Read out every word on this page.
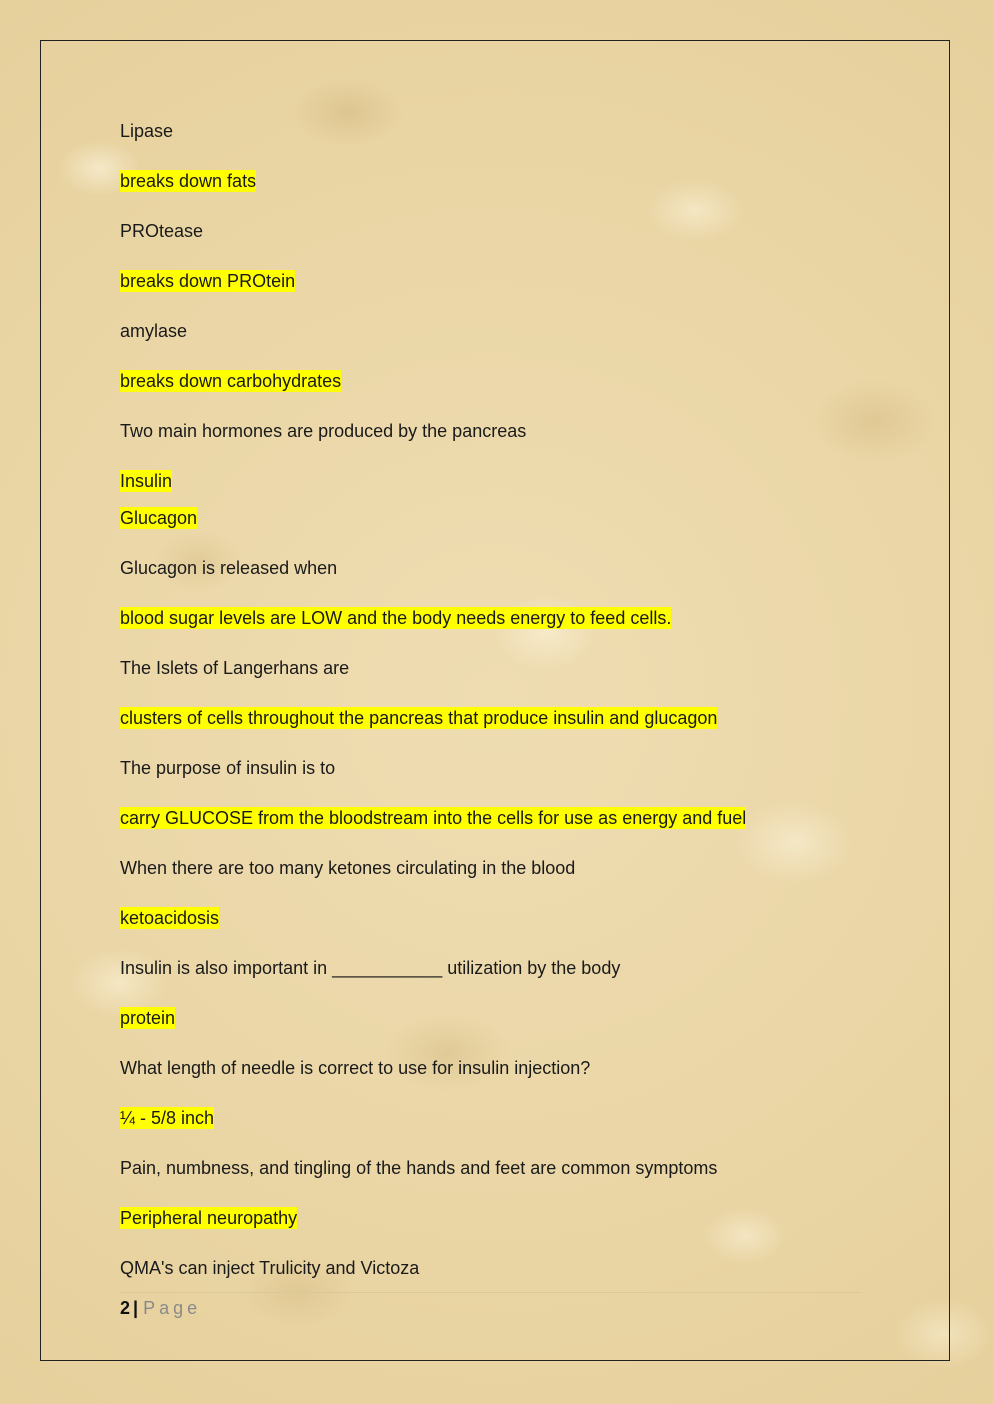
Lipase
breaks down fats
PROtease
breaks down PROtein
amylase
breaks down carbohydrates
Two main hormones are produced by the pancreas
Insulin
Glucagon
Glucagon is released when
blood sugar levels are LOW and the body needs energy to feed cells.
The Islets of Langerhans are
clusters of cells throughout the pancreas that produce insulin and glucagon
The purpose of insulin is to
carry GLUCOSE from the bloodstream into the cells for use as energy and fuel
When there are too many ketones circulating in the blood
ketoacidosis
Insulin is also important in ___________ utilization by the body
protein
What length of needle is correct to use for insulin injection?
¼ - 5/8 inch
Pain, numbness, and tingling of the hands and feet are common symptoms
Peripheral neuropathy
QMA's can inject Trulicity and Victoza
2 | Page
